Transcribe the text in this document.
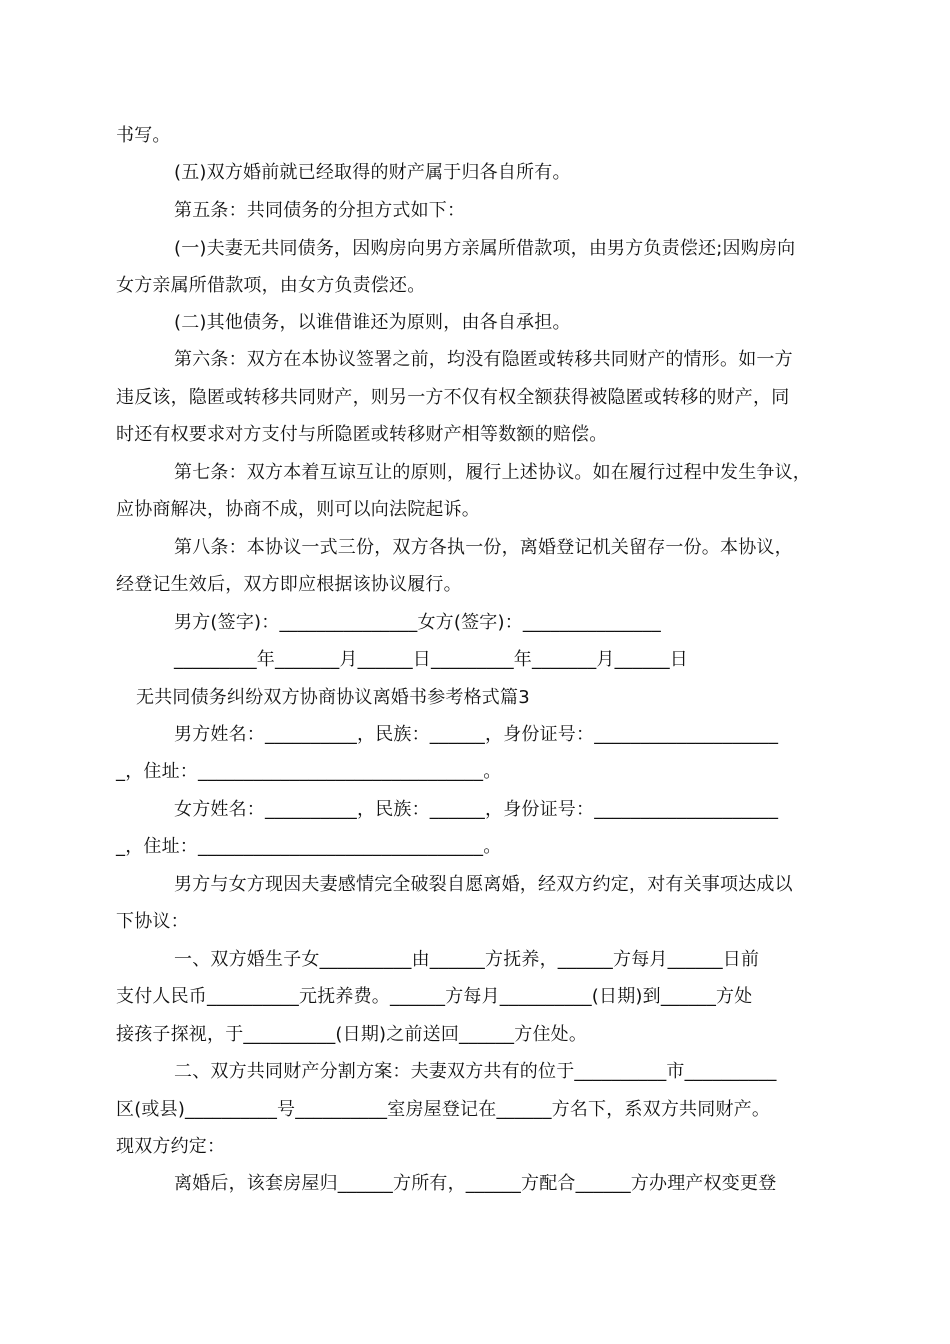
书写。
(五)双方婚前就已经取得的财产属于归各自所有。
第五条：共同债务的分担方式如下：
(一)夫妻无共同债务，因购房向男方亲属所借款项，由男方负责偿还;因购房向
女方亲属所借款项，由女方负责偿还。
(二)其他债务，以谁借谁还为原则，由各自承担。
第六条：双方在本协议签署之前，均没有隐匿或转移共同财产的情形。如一方
违反该，隐匿或转移共同财产，则另一方不仅有权全额获得被隐匿或转移的财产，同
时还有权要求对方支付与所隐匿或转移财产相等数额的赔偿。
第七条：双方本着互谅互让的原则，履行上述协议。如在履行过程中发生争议，
应协商解决，协商不成，则可以向法院起诉。
第八条：本协议一式三份，双方各执一份，离婚登记机关留存一份。本协议，
经登记生效后，双方即应根据该协议履行。
男方(签字)：_______________女方(签字)：_______________
_________年_______月______日_________年_______月______日
无共同债务纠纷双方协商协议离婚书参考格式篇3
男方姓名：__________，民族：______，身份证号：____________________
_，住址：_______________________________。
女方姓名：__________，民族：______，身份证号：____________________
_，住址：_______________________________。
男方与女方现因夫妻感情完全破裂自愿离婚，经双方约定，对有关事项达成以
下协议：
一、双方婚生子女__________由______方抚养，______方每月______日前
支付人民币__________元抚养费。______方每月__________(日期)到______方处
接孩子探视，于__________(日期)之前送回______方住处。
二、双方共同财产分割方案：夫妻双方共有的位于__________市__________
区(或县)__________号__________室房屋登记在______方名下，系双方共同财产。
现双方约定：
离婚后，该套房屋归______方所有，______方配合______方办理产权变更登
